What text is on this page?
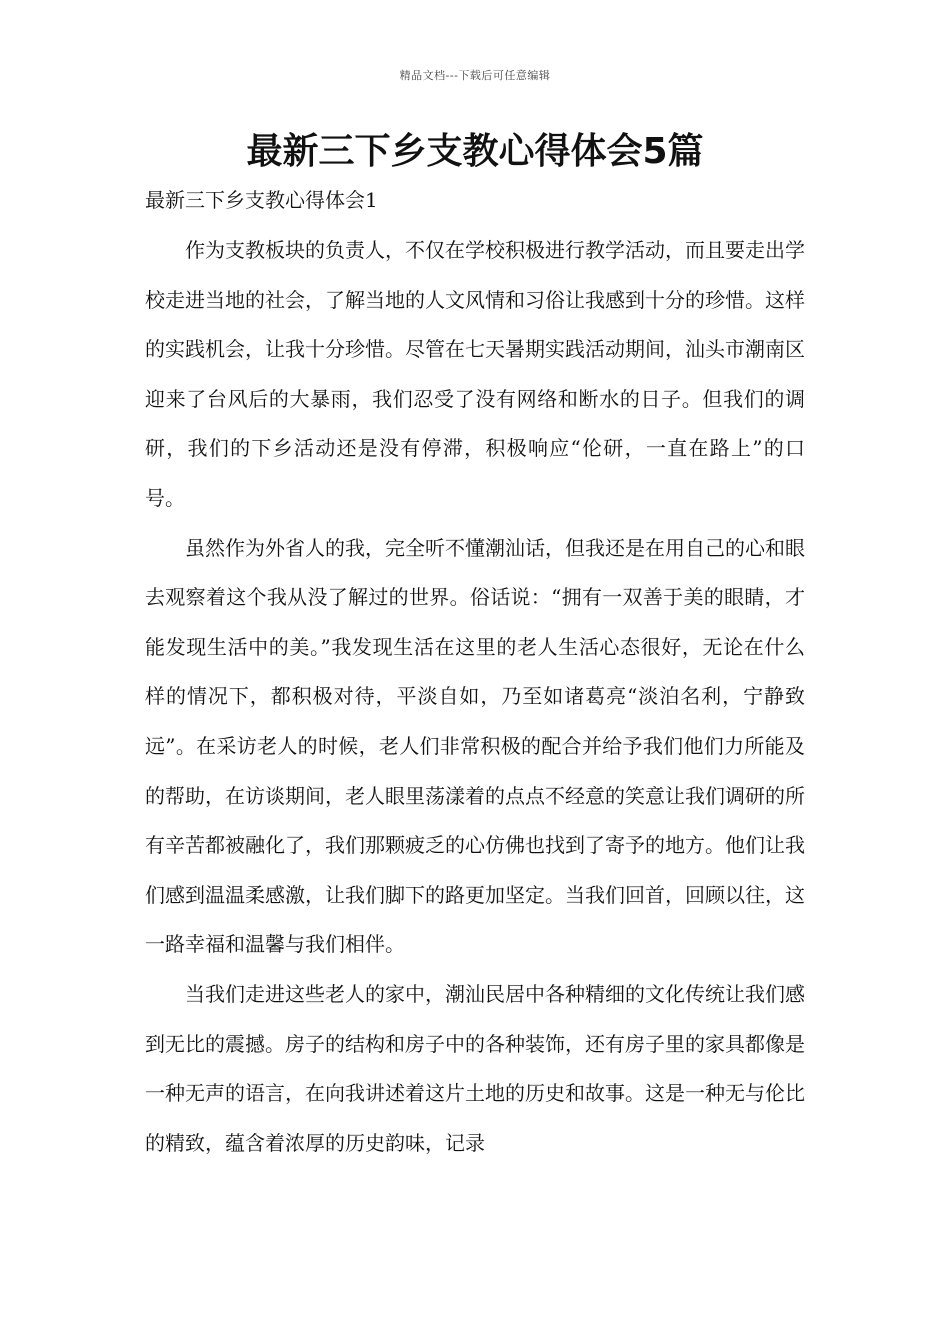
精品文档---下载后可任意编辑
最新三下乡支教心得体会5篇
最新三下乡支教心得体会1

作为支教板块的负责人，不仅在学校积极进行教学活动，而且要走出学校走进当地的社会，了解当地的人文风情和习俗让我感到十分的珍惜。这样的实践机会，让我十分珍惜。尽管在七天暑期实践活动期间，汕头市潮南区迎来了台风后的大暴雨，我们忍受了没有网络和断水的日子。但我们的调研，我们的下乡活动还是没有停滞，积极响应“伦研，一直在路上”的口号。

虽然作为外省人的我，完全听不懂潮汕话，但我还是在用自己的心和眼去观察着这个我从没了解过的世界。俗话说：“拥有一双善于美的眼睛，才能发现生活中的美。”我发现生活在这里的老人生活心态很好，无论在什么样的情况下，都积极对待，平淡自如，乃至如诸葛亮“淡泊名利，宁静致远”。在采访老人的时候，老人们非常积极的配合并给予我们他们力所能及的帮助，在访谈期间，老人眼里荡漾着的点点不经意的笑意让我们调研的所有辛苦都被融化了，我们那颗疲乏的心仿佛也找到了寄予的地方。他们让我们感到温温柔感激，让我们脚下的路更加坚定。当我们回首，回顾以往，这一路幸福和温馨与我们相伴。

当我们走进这些老人的家中，潮汕民居中各种精细的文化传统让我们感到无比的震撼。房子的结构和房子中的各种装饰，还有房子里的家具都像是一种无声的语言，在向我讲述着这片土地的历史和故事。这是一种无与伦比的精致，蕴含着浓厚的历史韵味，记录
